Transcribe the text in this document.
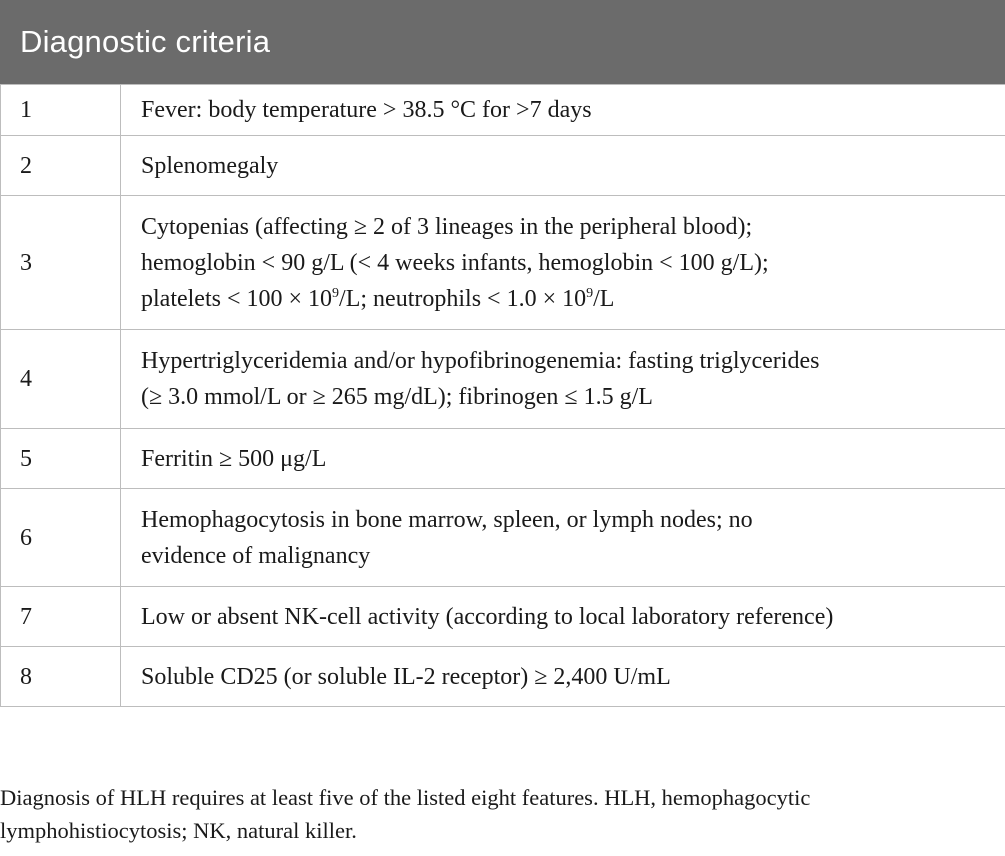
Diagnostic criteria
1	Fever: body temperature > 38.5 °C for >7 days

2	Splenomegaly

3	Cytopenias (affecting ≥ 2 of 3 lineages in the peripheral blood);
hemoglobin < 90 g/L (< 4 weeks infants, hemoglobin < 100 g/L);
platelets < $100 \times 10^9/L$; neutrophils < $1.0 \times 10^9/L$

4	Hypertriglyceridemia and/or hypofibrinogenemia: fasting triglycerides
(≥ 3.0 mmol/L or ≥ 265 mg/dL); fibrinogen ≤ 1.5 g/L

5	Ferritin ≥ 500 μg/L

6	Hemophagocytosis in bone marrow, spleen, or lymph nodes; no
evidence of malignancy

7	Low or absent NK-cell activity (according to local laboratory reference)

8	Soluble CD25 (or soluble IL-2 receptor) ≥ 2,400 U/mL
Diagnosis of HLH requires at least five of the listed eight features. HLH, hemophagocytic
lymphohistiocytosis; NK, natural killer.
